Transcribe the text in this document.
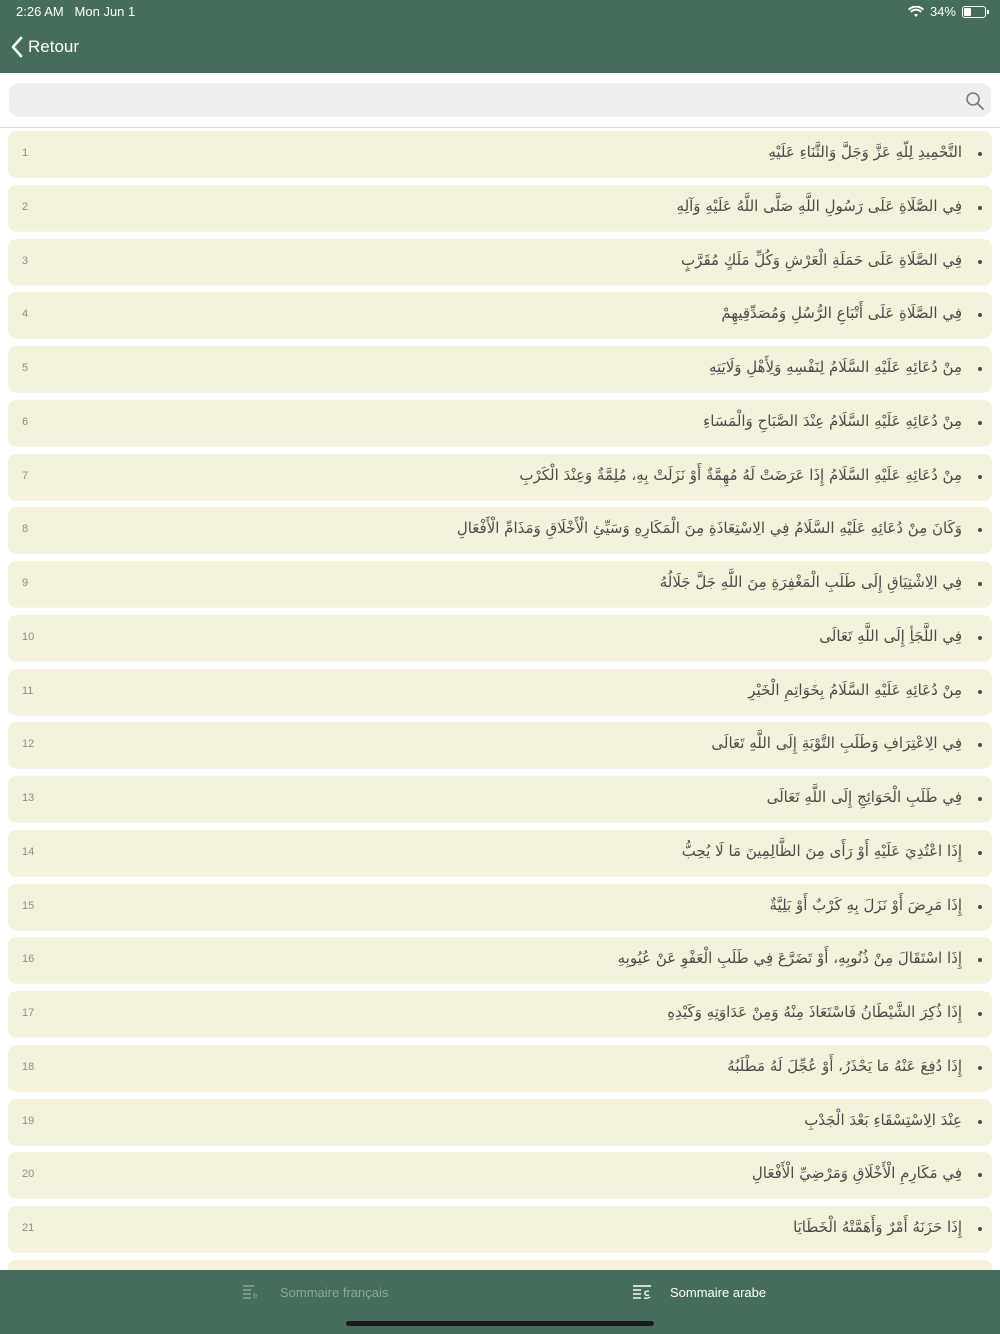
2:26 AM Mon Jun 1	34%
Retour
1	التَّحْمِيدِ لِلّهِ عَزَّ وَجَلَّ وَالثَّنَاءِ عَلَيْهِ
2	فِي الصَّلَاةِ عَلَى رَسُولِ اللَّهِ صَلَّى اللَّهُ عَلَيْهِ وَآلِهِ
3	فِي الصَّلَاةِ عَلَى حَمَلَةِ الْعَرْشِ وَكُلِّ مَلَكٍ مُقَرَّبٍ
4	فِي الصَّلَاةِ عَلَى أَتْبَاعِ الرُّسُلِ وَمُصَدِّقِيهِمْ
5	مِنْ دُعَائِهِ عَلَيْهِ السَّلَامُ لِنَفْسِهِ وَلِأَهْلِ وَلَايَتِهِ
6	مِنْ دُعَائِهِ عَلَيْهِ السَّلَامُ عِنْدَ الصَّبَاحِ وَالْمَسَاءِ
7	مِنْ دُعَائِهِ عَلَيْهِ السَّلَامُ إِذَا عَرَضَتْ لَهُ مُهِمَّةٌ أَوْ نَزَلَتْ بِهِ، مُلِمَّةٌ وَعِنْدَ الْكَرْبِ
8	وَكَانَ مِنْ دُعَائِهِ عَلَيْهِ السَّلَامُ فِي الِاسْتِعَاذَةِ مِنَ الْمَكَارِهِ وَسَيِّئِ الْأَخْلَاقِ وَمَذَامِّ الْأَفْعَالِ
9	فِي الِاشْتِيَاقِ إِلَى طَلَبِ الْمَغْفِرَةِ مِنَ اللَّهِ جَلَّ جَلَالُهُ
10	فِي اللَّجَأِ إِلَى اللَّهِ تَعَالَى
11	مِنْ دُعَائِهِ عَلَيْهِ السَّلَامُ بِخَوَاتِمِ الْخَيْرِ
12	فِي الِاعْتِرَافِ وَطَلَبِ التَّوْبَةِ إِلَى اللَّهِ تَعَالَى
13	فِي طَلَبِ الْحَوَائِجِ إِلَى اللَّهِ تَعَالَى
14	إِذَا اعْتُدِيَ عَلَيْهِ أَوْ رَأَى مِنَ الظَّالِمِينَ مَا لَا يُحِبُّ
15	إِذَا مَرِضَ أَوْ نَزَلَ بِهِ كَرْبٌ أَوْ بَلِيَّةٌ
16	إِذَا اسْتَقَالَ مِنْ ذُنُوبِهِ، أَوْ تَضَرَّعَ فِي طَلَبِ الْعَفْوِ عَنْ عُيُوبِهِ
17	إِذَا ذُكِرَ الشَّيْطَانُ فَاسْتَعَاذَ مِنْهُ وَمِنْ عَدَاوَتِهِ وَكَيْدِهِ
18	إِذَا دُفِعَ عَنْهُ مَا يَحْذَرُ، أَوْ عُجِّلَ لَهُ مَطْلَبُهُ
19	عِنْدَ الِاسْتِسْقَاءِ بَعْدَ الْجَدْبِ
20	فِي مَكَارِمِ الْأَخْلَاقِ وَمَرْضِيِّ الْأَفْعَالِ
21	إِذَا حَزَنَهُ أَمْرٌ وَأَهَمَّتْهُ الْخَطَايَا
fr Sommaire français	Sommaire arabe
